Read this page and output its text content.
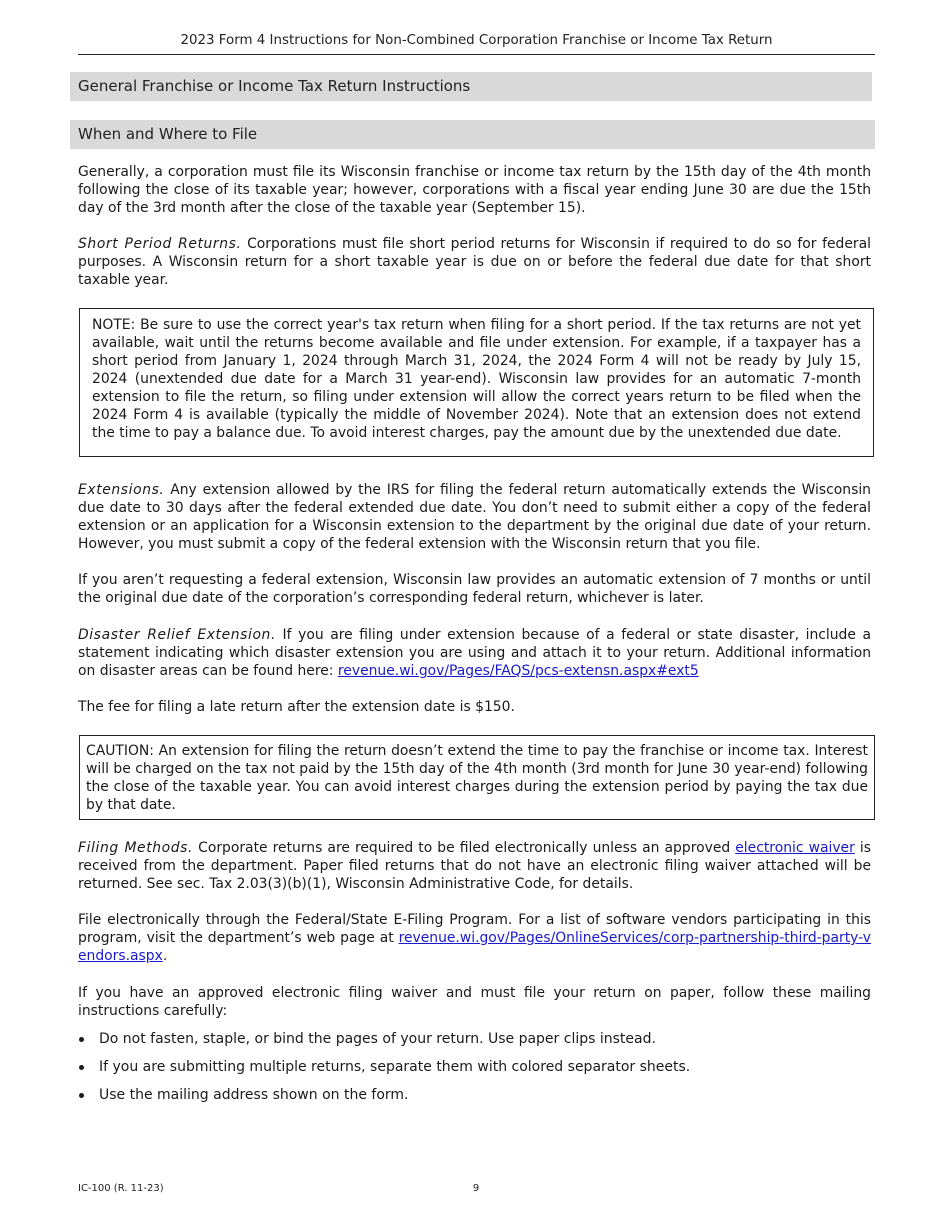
2023 Form 4 Instructions for Non-Combined Corporation Franchise or Income Tax Return
General Franchise or Income Tax Return Instructions
When and Where to File
Generally, a corporation must file its Wisconsin franchise or income tax return by the 15th day of the 4th month following the close of its taxable year; however, corporations with a fiscal year ending June 30 are due the 15th day of the 3rd month after the close of the taxable year (September 15).
Short Period Returns. Corporations must file short period returns for Wisconsin if required to do so for federal purposes. A Wisconsin return for a short taxable year is due on or before the federal due date for that short taxable year.
NOTE: Be sure to use the correct year's tax return when filing for a short period. If the tax returns are not yet available, wait until the returns become available and file under extension. For example, if a taxpayer has a short period from January 1, 2024 through March 31, 2024, the 2024 Form 4 will not be ready by July 15, 2024 (unextended due date for a March 31 year-end). Wisconsin law provides for an automatic 7-month extension to file the return, so filing under extension will allow the correct years return to be filed when the 2024 Form 4 is available (typically the middle of November 2024). Note that an extension does not extend the time to pay a balance due. To avoid interest charges, pay the amount due by the unextended due date.
Extensions. Any extension allowed by the IRS for filing the federal return automatically extends the Wisconsin due date to 30 days after the federal extended due date. You don’t need to submit either a copy of the federal extension or an application for a Wisconsin extension to the department by the original due date of your return. However, you must submit a copy of the federal extension with the Wisconsin return that you file.
If you aren’t requesting a federal extension, Wisconsin law provides an automatic extension of 7 months or until the original due date of the corporation’s corresponding federal return, whichever is later.
Disaster Relief Extension. If you are filing under extension because of a federal or state disaster, include a statement indicating which disaster extension you are using and attach it to your return. Additional information on disaster areas can be found here: revenue.wi.gov/Pages/FAQS/pcs-extensn.aspx#ext5
The fee for filing a late return after the extension date is $150.
CAUTION: An extension for filing the return doesn’t extend the time to pay the franchise or income tax. Interest will be charged on the tax not paid by the 15th day of the 4th month (3rd month for June 30 year-end) following the close of the taxable year. You can avoid interest charges during the extension period by paying the tax due by that date.
Filing Methods. Corporate returns are required to be filed electronically unless an approved electronic waiver is received from the department. Paper filed returns that do not have an electronic filing waiver attached will be returned. See sec. Tax 2.03(3)(b)(1), Wisconsin Administrative Code, for details.
File electronically through the Federal/State E-Filing Program. For a list of software vendors participating in this program, visit the department’s web page at revenue.wi.gov/Pages/OnlineServices/corp-partnership-third-party-vendors.aspx.
If you have an approved electronic filing waiver and must file your return on paper, follow these mailing instructions carefully:
Do not fasten, staple, or bind the pages of your return. Use paper clips instead.
If you are submitting multiple returns, separate them with colored separator sheets.
Use the mailing address shown on the form.
IC-100 (R. 11-23)	9
